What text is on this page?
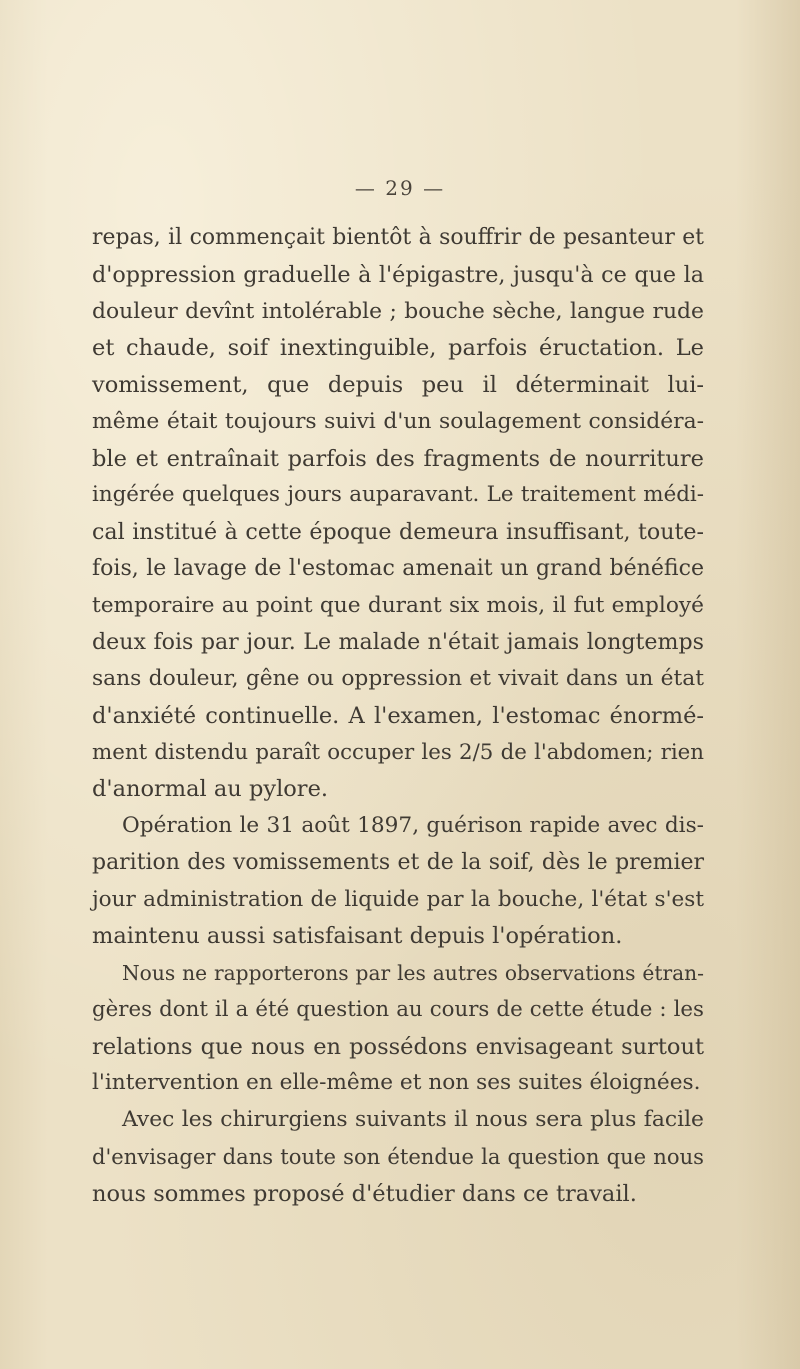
— 29 —
repas, il commençait bientôt à souffrir de pesanteur et
d'oppression graduelle à l'épigastre, jusqu'à ce que la
douleur devînt intolérable ; bouche sèche, langue rude
et chaude, soif inextinguible, parfois éructation. Le
vomissement, que depuis peu il déterminait lui-
même était toujours suivi d'un soulagement considéra-
ble et entraînait parfois des fragments de nourriture
ingérée quelques jours auparavant. Le traitement médi-
cal institué à cette époque demeura insuffisant, toute-
fois, le lavage de l'estomac amenait un grand bénéfice
temporaire au point que durant six mois, il fut employé
deux fois par jour. Le malade n'était jamais longtemps
sans douleur, gêne ou oppression et vivait dans un état
d'anxiété continuelle. A l'examen, l'estomac énormé-
ment distendu paraît occuper les 2/5 de l'abdomen; rien
d'anormal au pylore.
Opération le 31 août 1897, guérison rapide avec dis-
parition des vomissements et de la soif, dès le premier
jour administration de liquide par la bouche, l'état s'est
maintenu aussi satisfaisant depuis l'opération.
Nous ne rapporterons par les autres observations étran-
gères dont il a été question au cours de cette étude : les
relations que nous en possédons envisageant surtout
l'intervention en elle-même et non ses suites éloignées.
Avec les chirurgiens suivants il nous sera plus facile
d'envisager dans toute son étendue la question que nous
nous sommes proposé d'étudier dans ce travail.
